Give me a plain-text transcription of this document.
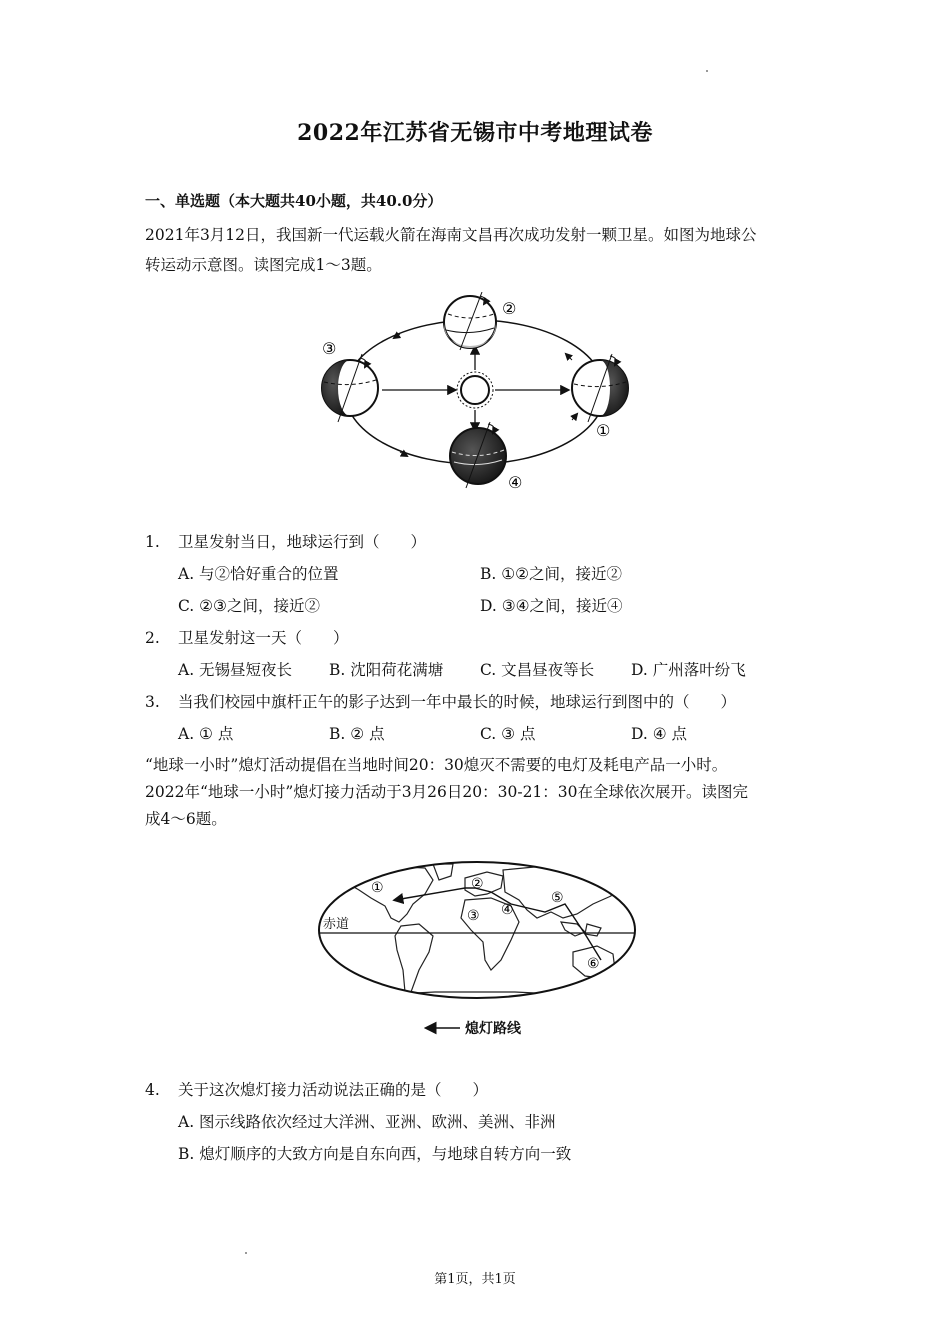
2022年江苏省无锡市中考地理试卷
一、单选题（本大题共40小题，共40.0分）
2021年3月12日，我国新一代运载火箭在海南文昌再次成功发射一颗卫星。如图为地球公
转运动示意图。读图完成1～3题。
②
③
①
④
1. 卫星发射当日，地球运行到（　　）
A. 与②恰好重合的位置	B. ①②之间，接近②
C. ②③之间，接近②	D. ③④之间，接近④
2. 卫星发射这一天（　　）
A. 无锡昼短夜长 B. 沈阳荷花满塘 C. 文昌昼夜等长 D. 广州落叶纷飞
3. 当我们校园中旗杆正午的影子达到一年中最长的时候，地球运行到图中的（　　）
A. ① 点	B. ② 点	C. ③ 点	D. ④ 点
“地球一小时”熄灯活动提倡在当地时间20：30熄灭不需要的电灯及耗电产品一小时。
2022年“地球一小时”熄灯接力活动于3月26日20：30-21：30在全球依次展开。读图完
成4～6题。
赤道
①	②
③ ④
⑤
⑥
熄灯路线
4. 关于这次熄灯接力活动说法正确的是（　　）
A. 图示线路依次经过大洋洲、亚洲、欧洲、美洲、非洲
B. 熄灯顺序的大致方向是自东向西，与地球自转方向一致
第1页，共1页
